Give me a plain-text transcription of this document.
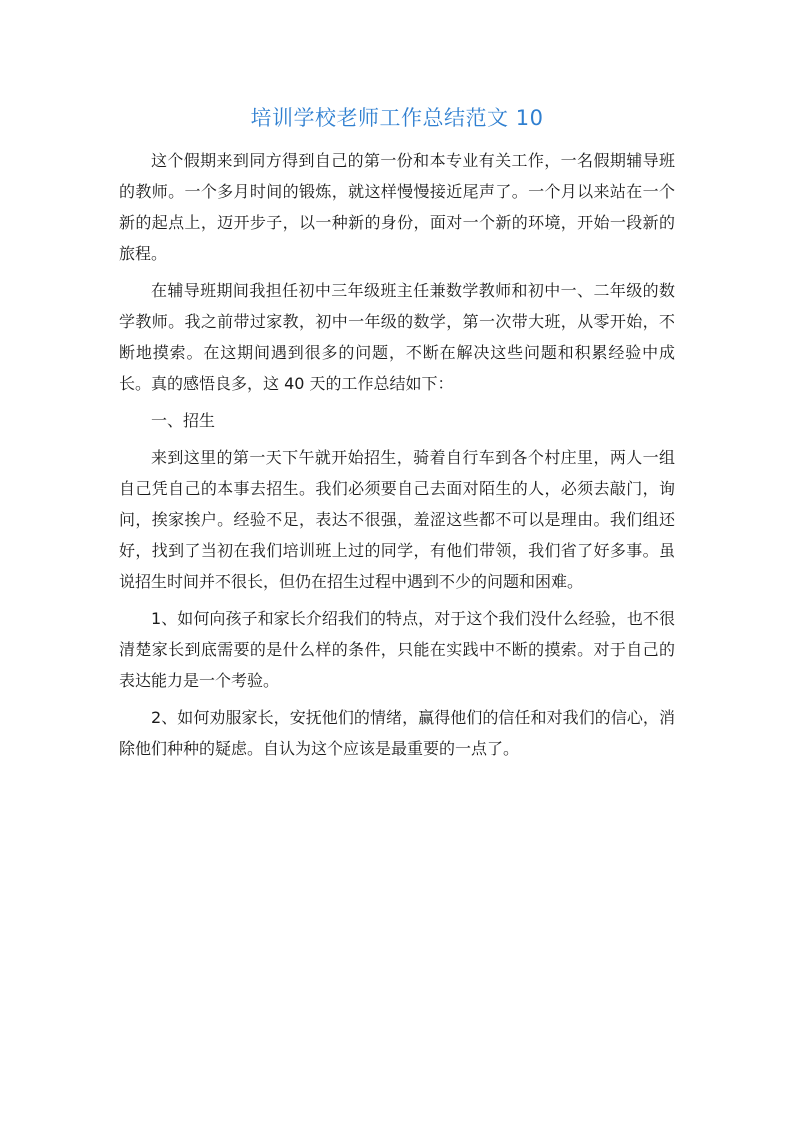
培训学校老师工作总结范文 10

这个假期来到同方得到自己的第一份和本专业有关工作，一名假期辅导班的教师。一个多月时间的锻炼，就这样慢慢接近尾声了。一个月以来站在一个新的起点上，迈开步子，以一种新的身份，面对一个新的环境，开始一段新的旅程。

在辅导班期间我担任初中三年级班主任兼数学教师和初中一、二年级的数学教师。我之前带过家教，初中一年级的数学，第一次带大班，从零开始，不断地摸索。在这期间遇到很多的问题，不断在解决这些问题和积累经验中成长。真的感悟良多，这 40 天的工作总结如下：

一、招生

来到这里的第一天下午就开始招生，骑着自行车到各个村庄里，两人一组自己凭自己的本事去招生。我们必须要自己去面对陌生的人，必须去敲门，询问，挨家挨户。经验不足，表达不很强，羞涩这些都不可以是理由。我们组还好，找到了当初在我们培训班上过的同学，有他们带领，我们省了好多事。虽说招生时间并不很长，但仍在招生过程中遇到不少的问题和困难。

1、如何向孩子和家长介绍我们的特点，对于这个我们没什么经验，也不很清楚家长到底需要的是什么样的条件，只能在实践中不断的摸索。对于自己的表达能力是一个考验。

2、如何劝服家长，安抚他们的情绪，赢得他们的信任和对我们的信心，消除他们种种的疑虑。自认为这个应该是最重要的一点了。
